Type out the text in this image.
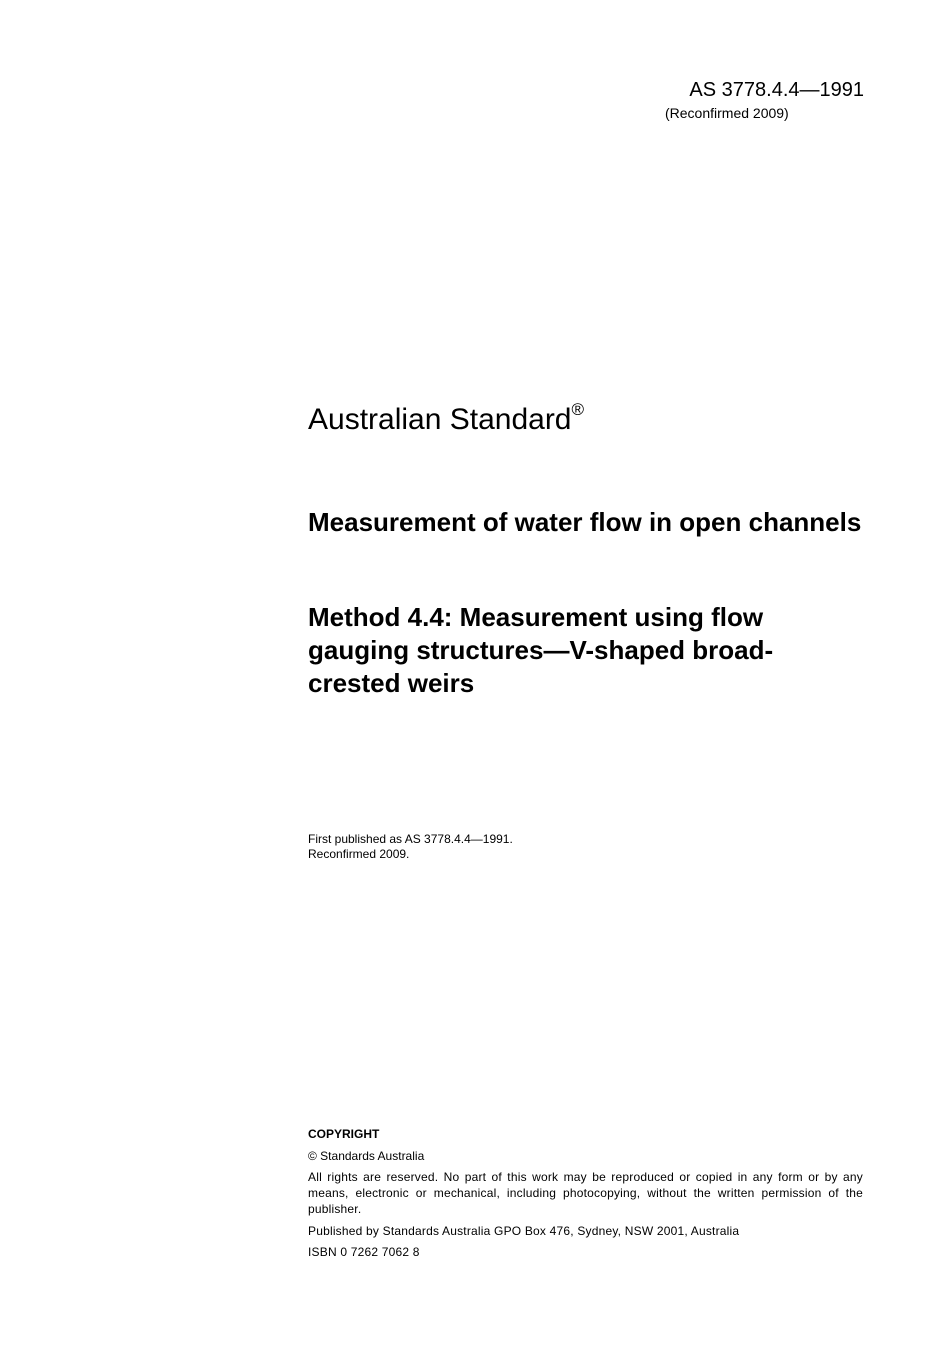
AS 3778.4.4—1991
(Reconfirmed 2009)
Australian Standard®
Measurement of water flow in open channels
Method 4.4: Measurement using flow gauging structures—V-shaped broad-crested weirs
First published as AS 3778.4.4—1991.
Reconfirmed 2009.
COPYRIGHT
© Standards Australia
All rights are reserved. No part of this work may be reproduced or copied in any form or by any means, electronic or mechanical, including photocopying, without the written permission of the publisher.
Published by Standards Australia GPO Box 476, Sydney, NSW 2001, Australia
ISBN 0 7262 7062 8
